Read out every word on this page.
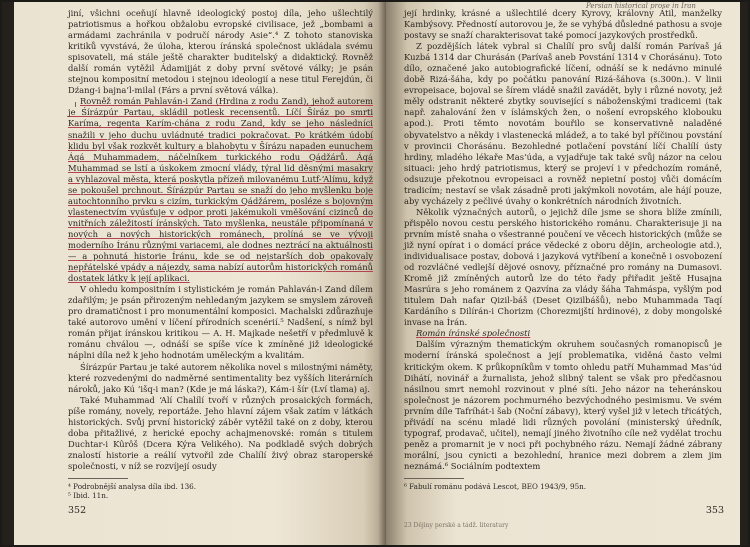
jiní, všichni oceňují hlavně ideologický postoj díla, jeho ušlechtilý patriotismus a hořkou obžalobu evropské civilisace, jež „bombami a armádami zachránila v područí národy Asie“.⁴ Z tohoto stanoviska kritiků vyvstává, že úloha, kterou íránská společnost ukládala svému spisovateli, má stále ještě charakter buditelský a didaktický. Rovněž další román vytěžil Ádamijját z doby první světové války; je psán stejnou kompositní metodou i stejnou ideologií a nese titul Ferejdún, či Dźang-i bajna’l-milal (Fárs a první světová válka).

Rovněž román Pahlaván-i Zand (Hrdina z rodu Zand), jehož autorem je Śírázpúr Partau, skládil potlesk recensentů. Líčí Šíráz po smrti Karíma, regenta Karím-chána z rodu Zand, kdy se jeho následníci snažili v jeho duchu uvládnuté tradici pokračovat. Po krátkém údobí klidu byl však rozkvět kultury a blahobytu v Šírázu napaden eunuchem Áqá Muhammadem, náčelníkem turkického rodu Qádžárů. Áqá Muhammad se lstí a úskokem zmocní vlády, týral lid děsnými masakry a vyhlazoval města, která poskytla přízeň milovanému Lutf-‘Alímu, když se pokoušel prchnout. Śírázpúr Partau se snaží do jeho myšlenku boje autochtonního prvku s cizím, turkickým Qádžárem, posléze s bojovným vlastenectvím vyúsťuje v odpor proti jakémukoli vměšování cizinců do vnitřních záležitostí íránských. Tato myšlenka, neustále připomínaná v nových a nových historických románech, prolíná se ve vývoji moderního Íránu různými variacemi, ale dodnes neztrácí na aktuálnosti — a pohnutá historie Íránu, kde se od nejstarších dob opakovaly nepřátelské vpády a nájezdy, sama nabízí autorům historických románů dostatek látky k její aplikaci.

V ohledu kompositním i stylistickém je román Pahlaván-i Zand dílem zdařilým; je psán přirozeným nehledaným jazykem se smyslem zároveň pro dramatičnost i pro monumentální komposici. Machalski zdůrazňuje také autorovo umění v líčení přírodních scenérií.⁵ Nadšení, s nímž byl román přijat íránskou kritikou — A. H. Majkade nešetří v předmluvě k románu chválou —, odnáší se spíše více k zmíněné již ideologické náplni díla než k jeho hodnotám uměleckým a kvalitám.

Śírázpúr Partau je také autorem několika novel s milostnými náměty, které rozvedenými do nadměrné sentimentality bez vyšších literárních nároků, jako Kú ‘išq-i man? (Kde je má láska?), Kám-i šír (Lví tlama) aj.

Také Muhammad ‘Alí Chalílí tvoří v různých prosaických formách, píše romány, novely, reportáže. Jeho hlavní zájem však zatím v látkách historických. Svůj první historický záběr vytěžil také on z doby, kterou doba přitažlivé, z herické epochy achajmenovské: román s titulem Duchtar-i Kûrôš (Dcera Kýra Velikého). Na podkladě svých dobrých znalostí historie a reálií vytvořil zde Chalílí živý obraz staroperské společnosti, v níž se rozvíjejí osudy

⁴ Podrobnější analysa díla ibd. 136.

⁵ Ibid. 11n.

352
Persian historical prose in Iran

její hrdinky, krásné a ušlechtilé dcery Kyrovy, královny Átil, manželky Kambýsovy. Předností autorovou je, že se vyhýbá důsledné pathosu a svoje postavy se snaží charakterisovat také pomocí jazykových prostředků.

Z pozdějších látek vybral si Chalílí pro svůj další román Parívaš já Kuzbá 1314 dar Churásán (Parívaš aneb Povstání 1314 v Chorásánu). Toto dílo, označené jako autobiografické líčení, odnáší se k nedávno minulé době Rizá-šáha, kdy po počátku panování Rizá-šáhova (s.300n.). V linii evropeisace, bojoval se šírem vládě snažil zavádět, byly i různé novoty, jež měly odstranit některé zbytky související s náboženskými tradicemi (tak např. zahalování žen v íslámských žen, o nošení evropského klobouku apod.). Proti těmto novotám bouřilo se konservativně naladěné obyvatelstvo a někdy i vlastenecká mládež, a to také byl příčinou povstání v provincii Chorásánu. Bezohledné potlačení povstání líčí Chalílí ústy hrdiny, mladého lékaře Mas‘úda, a vyjadřuje tak také svůj názor na celou situaci: jeho hrdý patriotismus, který se projeví i v předchozím románě, odsuzuje překotnou evropeisaci a rovněž nepietní postoj vůči domácím tradicím; nestaví se však zásadně proti jakýmkoli novotám, ale hájí pouze, aby vycházely z pečlivé úvahy o konkrétních národních životních.

Několik význačných autorů, o jejichž díle jsme se shora blíže zmínili, přispělo novou cestu perského historického románu. Charakterisuje ji na prvním místě snaha o všestranné poučení ve věcech historických (může se již nyní opírat i o domácí práce vědecké z oboru dějin, archeologie atd.), individualisace postav, dobová i jazyková vytříbení a konečně i osvobození od rozvláčné vedlejší dějové osnovy, příznačné pro romány na Dumasovi. Kromě již zmíněných autorů lze do této řady přiřadit ještě Husajna Masrúra s jeho románem z Qazvína za vlády šáha Tahmáspa, vyšlým pod titulem Dah nafar Qizil-báš (Deset Qizilbášů), nebo Muhammada Taqí Kardáního s Dilírán-i Chorizm (Chorezmijští hrdinové), z doby mongolské invase na Írán.

Román íránské společnosti

Dalším výrazným thematickým okruhem současných romanopisců je moderní íránská společnost a její problematika, viděná často velmi kritickým okem. K průkopníkům v tomto ohledu patří Muhammad Mas‘úd Dihátí, novinář a žurnalista, jehož slibný talent se však pro předčasnou násilnou smrt nemohl rozvinout v plné síti. Jeho názor na teheránskou společnost je názorem pochmurného bezvýchodného pesimismu. Ve svém prvním díle Tafríhát-i šab (Noční zábavy), který vyšel již v letech třicátých, přivádí na scénu mladé lidi různých povolání (ministerský úředník, typograf, prodavač, učitel), nemají jiného životního cíle než vydělat trochu peněz a promarnit je v noci při pochybného rázu. Nemají žádné zábrany morální, jsou cynicti a bezohlední, hranice mezi dobrem a zlem jim neznámá.⁶ Sociálním podtextem

⁶ Fabulí románu podává Lescot, BEO 1943/9, 95n.

23 Dějiny perské a tádž. literatury
353
